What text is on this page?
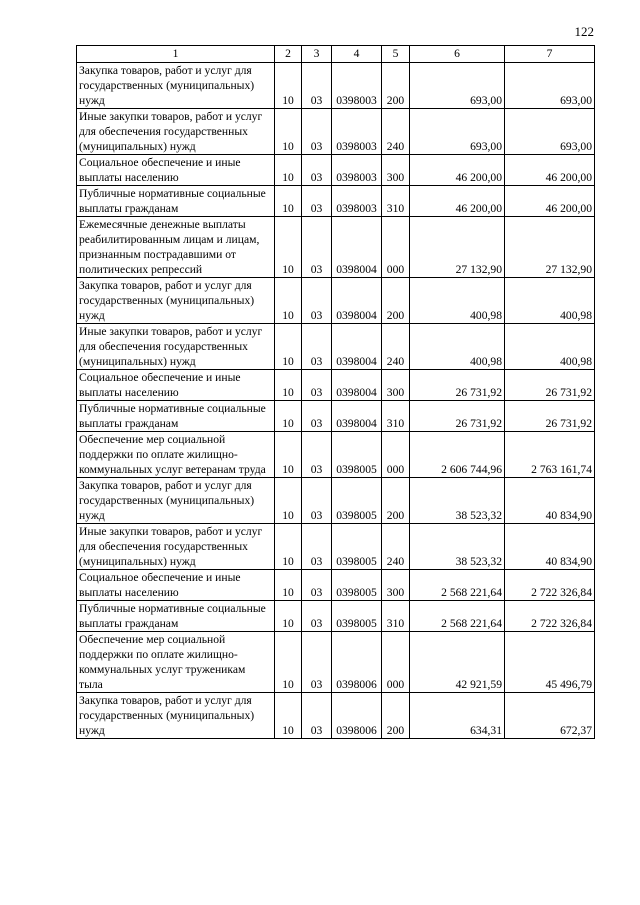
122
1	2	3	4	5	6	7
Закупка товаров, работ и услуг для государственных (муниципальных) нужд	10	03	0398003	200	693,00	693,00
Иные закупки товаров, работ и услуг для обеспечения государственных (муниципальных) нужд	10	03	0398003	240	693,00	693,00
Социальное обеспечение и иные выплаты населению	10	03	0398003	300	46 200,00	46 200,00
Публичные нормативные социальные выплаты гражданам	10	03	0398003	310	46 200,00	46 200,00
Ежемесячные денежные выплаты реабилитированным лицам и лицам, признанным пострадавшими от политических репрессий	10	03	0398004	000	27 132,90	27 132,90
Закупка товаров, работ и услуг для государственных (муниципальных) нужд	10	03	0398004	200	400,98	400,98
Иные закупки товаров, работ и услуг для обеспечения государственных (муниципальных) нужд	10	03	0398004	240	400,98	400,98
Социальное обеспечение и иные выплаты населению	10	03	0398004	300	26 731,92	26 731,92
Публичные нормативные социальные выплаты гражданам	10	03	0398004	310	26 731,92	26 731,92
Обеспечение мер социальной поддержки по оплате жилищно-коммунальных услуг ветеранам труда	10	03	0398005	000	2 606 744,96	2 763 161,74
Закупка товаров, работ и услуг для государственных (муниципальных) нужд	10	03	0398005	200	38 523,32	40 834,90
Иные закупки товаров, работ и услуг для обеспечения государственных (муниципальных) нужд	10	03	0398005	240	38 523,32	40 834,90
Социальное обеспечение и иные выплаты населению	10	03	0398005	300	2 568 221,64	2 722 326,84
Публичные нормативные социальные выплаты гражданам	10	03	0398005	310	2 568 221,64	2 722 326,84
Обеспечение мер социальной поддержки по оплате жилищно-коммунальных услуг труженикам тыла	10	03	0398006	000	42 921,59	45 496,79
Закупка товаров, работ и услуг для государственных (муниципальных) нужд	10	03	0398006	200	634,31	672,37
